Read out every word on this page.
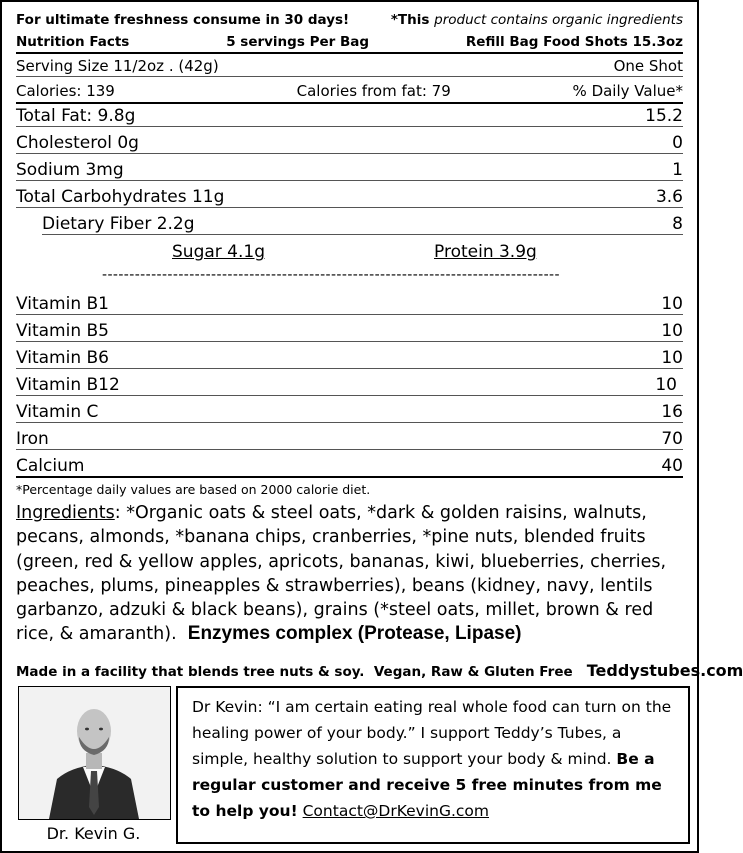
For ultimate freshness consume in 30 days!	*This product contains organic ingredients
Nutrition Facts	5 servings Per Bag	Refill Bag Food Shots 15.3oz
Serving Size 11/2oz . (42g)	One Shot
Calories: 139	Calories from fat: 79	% Daily Value*
Total Fat: 9.8g	15.2
Cholesterol 0g	0
Sodium 3mg	1
Total Carbohydrates 11g	3.6
Dietary Fiber 2.2g	8
Sugar 4.1g	Protein 3.9g
------------------------------------------------------------------------------------
Vitamin B1	10
Vitamin B5	10
Vitamin B6	10
Vitamin B12	10
Vitamin C	16
Iron	70
Calcium	40
*Percentage daily values are based on 2000 calorie diet.
Ingredients: *Organic oats & steel oats, *dark & golden raisins, walnuts, pecans, almonds, *banana chips, cranberries, *pine nuts, blended fruits (green, red & yellow apples, apricots, bananas, kiwi, blueberries, cherries, peaches, plums, pineapples & strawberries), beans (kidney, navy, lentils garbanzo, adzuki & black beans), grains (*steel oats, millet, brown & red rice, & amaranth). Enzymes complex (Protease, Lipase)
Made in a facility that blends tree nuts & soy. Vegan, Raw & Gluten Free Teddystubes.com
Dr. Kevin G.
Dr Kevin: “I am certain eating real whole food can turn on the healing power of your body.” I support Teddy’s Tubes, a simple, healthy solution to support your body & mind. Be a regular customer and receive 5 free minutes from me to help you! Contact@DrKevinG.com
